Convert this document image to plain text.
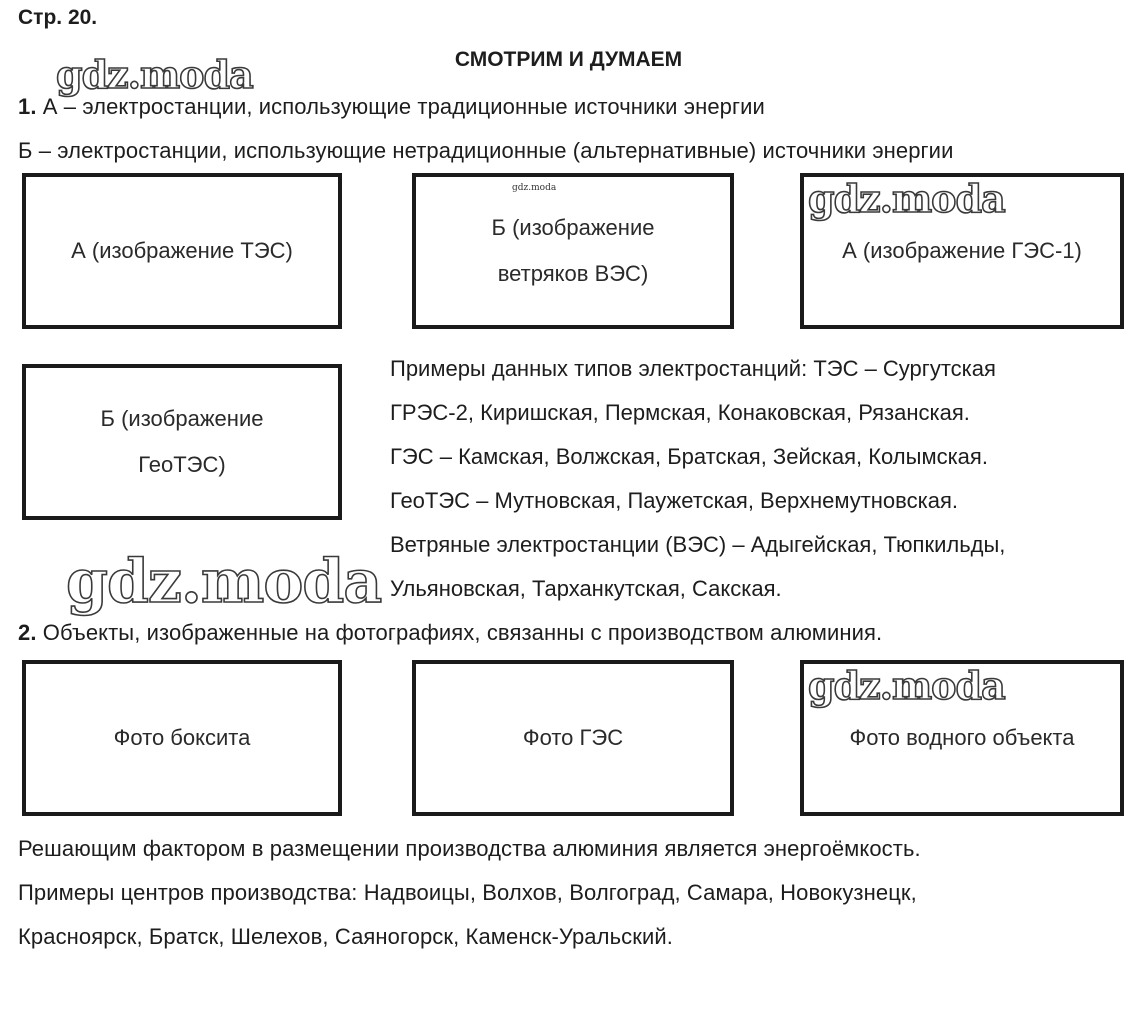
Стр. 20.
СМОТРИМ И ДУМАЕМ
gdz.moda
gdz.moda	gdz.moda
gdz.moda
gdz.moda
1. А – электростанции, использующие традиционные источники энергии
Б – электростанции, использующие нетрадиционные (альтернативные) источники энергии
А (изображение ТЭС)
Б (изображение
ветряков ВЭС)
А (изображение ГЭС-1)
Б (изображение
ГеоТЭС)
Примеры данных типов электростанций: ТЭС – Сургутская
ГРЭС-2, Киришская, Пермская, Конаковская, Рязанская.
ГЭС – Камская, Волжская, Братская, Зейская, Колымская.
ГеоТЭС – Мутновская, Паужетская, Верхнемутновская.
Ветряные электростанции (ВЭС) – Адыгейская, Тюпкильды,
Ульяновская, Тарханкутская, Сакская.
2. Объекты, изображенные на фотографиях, связанны с производством алюминия.
Фото боксита	Фото ГЭС	Фото водного объекта
Решающим фактором в размещении производства алюминия является энергоёмкость.
Примеры центров производства: Надвоицы, Волхов, Волгоград, Самара, Новокузнецк,
Красноярск, Братск, Шелехов, Саяногорск, Каменск-Уральский.
